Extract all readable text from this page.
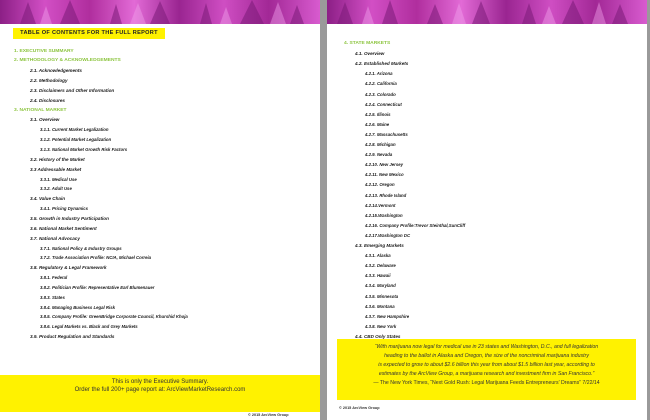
TABLE OF CONTENTS FOR THE FULL REPORT
1. EXECUTIVE SUMMARY
2. METHODOLOGY & ACKNOWLEDGEMENTS
2.1. Acknowledgements
2.2. Methodology
2.3. Disclaimers and Other Information
2.4. Disclosures
3. NATIONAL MARKET
3.1. Overview
3.1.1. Current Market Legalization
3.1.2. Potential Market Legalization
3.1.3. National Market Growth Risk Factors
3.2. History of the Market
3.3 Addressable Market
3.3.1. Medical Use
3.3.2. Adult Use
3.4. Value Chain
3.4.1. Pricing Dynamics
3.5. Growth in Industry Participation
3.6. National Market Sentiment
3.7. National Advocacy
3.7.1. National Policy & Industry Groups
3.7.2. Trade Association Profile: NCIA, Michael Correia
3.8. Regulatory & Legal Framework
3.8.1. Federal
3.8.2. Politician Profile: Representative Earl Blumenauer
3.8.3. States
3.8.4. Managing Business Legal Risk
3.8.5. Company Profile: GreenBridge Corporate Council, Khurshid Khoja
3.8.6. Legal Markets vs. Black and Grey Markets
3.9. Product Regulation and Standards
This is only the Executive Summary.
Order the full 200+ page report at: ArcViewMarketResearch.com
© 2015 ArcView Group
4. STATE MARKETS
4.1. Overview
4.2. Established Markets
4.2.1. Arizona
4.2.2. California
4.2.3. Colorado
4.2.4. Connecticut
4.2.5. Illinois
4.2.6. Maine
4.2.7. Massachusetts
4.2.8. Michigan
4.2.9. Nevada
4.2.10. New Jersey
4.2.11. New Mexico
4.2.12. Oregon
4.2.13. Rhode Island
4.2.14.Vermont
4.2.15.Washington
4.2.16. Company Profile:Trevor Steinthal,SunCliff
4.2.17.Washington DC
4.3. Emerging Markets
4.3.1. Alaska
4.3.2. Delaware
4.3.3. Hawaii
4.3.4. Maryland
4.3.5. Minnesota
4.3.6. Montana
4.3.7. New Hampshire
4.3.8. New York
4.4. CBD Only States
“With marijuana now legal for medical use in 23 states and Washington, D.C., and full legalization
heading to the ballot in Alaska and Oregon, the size of the noncriminal marijuana industry
is expected to grow to about $2.6 billion this year from about $1.5 billion last year, according to
estimates by the ArcView Group, a marijuana research and investment firm in San Francisco.”
— The New York Times, “Next Gold Rush: Legal Marijuana Feeds Entrepreneurs' Dreams” 7/22/14
© 2015 ArcView Group
